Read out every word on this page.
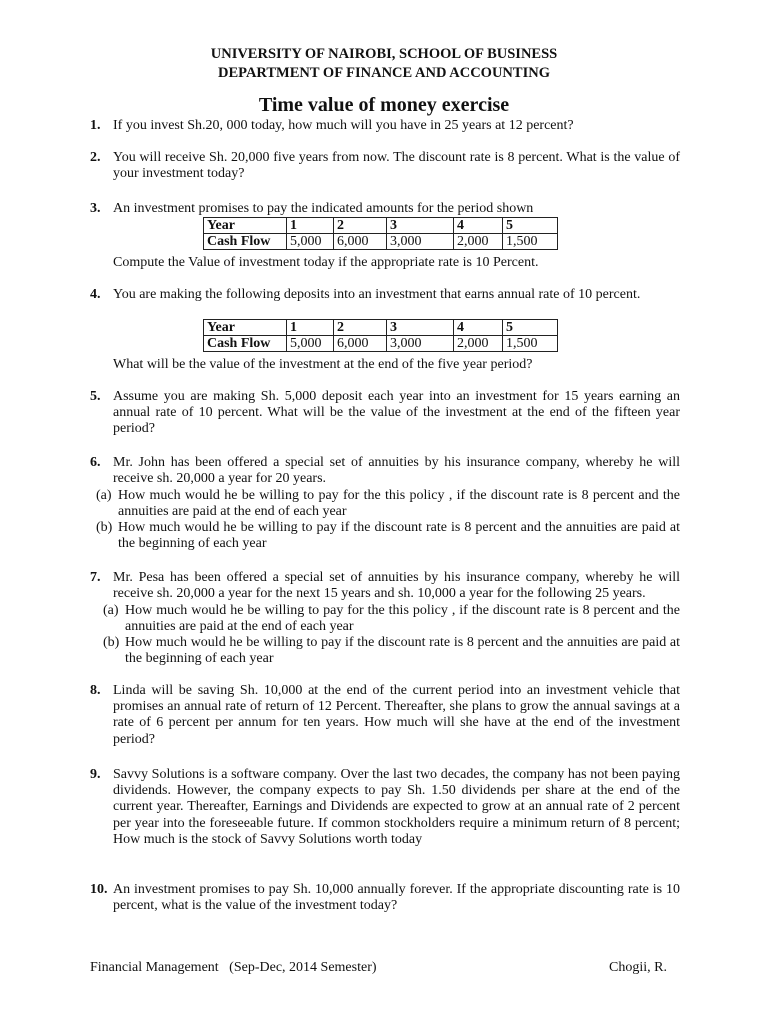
UNIVERSITY OF NAIROBI, SCHOOL OF BUSINESS
DEPARTMENT OF FINANCE AND ACCOUNTING
Time value of money exercise
1. If you invest Sh.20, 000 today, how much will you have in 25 years at 12 percent?
2. You will receive Sh. 20,000 five years from now. The discount rate is 8 percent. What is the value of your investment today?
3. An investment promises to pay the indicated amounts for the period shown
Year	1	2	3	4	5
Cash Flow	5,000	6,000	3,000	2,000	1,500
Compute the Value of investment today if the appropriate rate is 10 Percent.
4. You are making the following deposits into an investment that earns annual rate of 10 percent.
Year	1	2	3	4	5
Cash Flow	5,000	6,000	3,000	2,000	1,500
What will be the value of the investment at the end of the five year period?
5. Assume you are making Sh. 5,000 deposit each year into an investment for 15 years earning an annual rate of 10 percent. What will be the value of the investment at the end of the fifteen year period?
6. Mr. John has been offered a special set of annuities by his insurance company, whereby he will receive sh. 20,000 a year for 20 years.
(a) How much would he be willing to pay for the this policy , if the discount rate is 8 percent and the annuities are paid at the end of each year
(b) How much would he be willing to pay if the discount rate is 8 percent and the annuities are paid at the beginning of each year
7. Mr. Pesa has been offered a special set of annuities by his insurance company, whereby he will receive sh. 20,000 a year for the next 15 years and sh. 10,000 a year for the following 25 years.
(a) How much would he be willing to pay for the this policy , if the discount rate is 8 percent and the annuities are paid at the end of each year
(b) How much would he be willing to pay if the discount rate is 8 percent and the annuities are paid at the beginning of each year
8. Linda will be saving Sh. 10,000 at the end of the current period into an investment vehicle that promises an annual rate of return of 12 Percent. Thereafter, she plans to grow the annual savings at a rate of 6 percent per annum for ten years. How much will she have at the end of the investment period?
9. Savvy Solutions is a software company. Over the last two decades, the company has not been paying dividends. However, the company expects to pay Sh. 1.50 dividends per share at the end of the current year. Thereafter, Earnings and Dividends are expected to grow at an annual rate of 2 percent per year into the foreseeable future. If common stockholders require a minimum return of 8 percent; How much is the stock of Savvy Solutions worth today
10. An investment promises to pay Sh. 10,000 annually forever. If the appropriate discounting rate is 10 percent, what is the value of the investment today?
Financial Management   (Sep-Dec, 2014 Semester)	Chogii, R.
